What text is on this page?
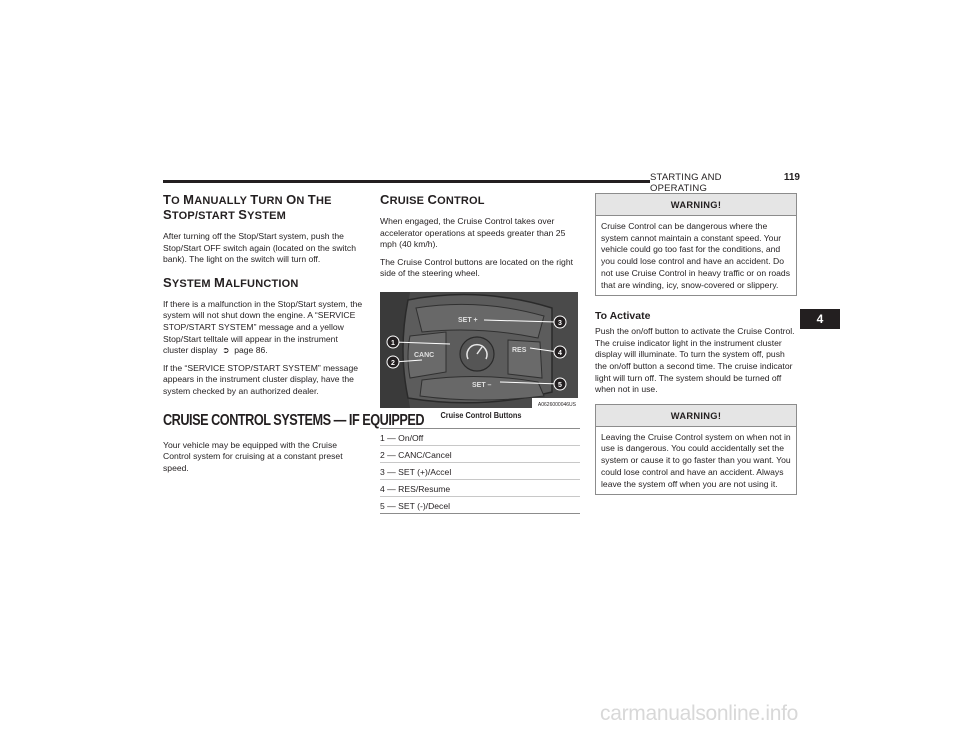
STARTING AND OPERATING
119
TO MANUALLY TURN ON THE STOP/START SYSTEM

After turning off the Stop/Start system, push the Stop/Start OFF switch again (located on the switch bank). The light on the switch will turn off.

SYSTEM MALFUNCTION

If there is a malfunction in the Stop/Start system, the system will not shut down the engine. A “SERVICE STOP/START SYSTEM” message and a yellow Stop/Start telltale will appear in the instrument cluster display  ➲  page 86.

If the “SERVICE STOP/START SYSTEM” message appears in the instrument cluster display, have the system checked by an authorized dealer.

CRUISE CONTROL SYSTEMS — IF EQUIPPED

Your vehicle may be equipped with the Cruise Control system for cruising at a constant preset speed.

CRUISE CONTROL

When engaged, the Cruise Control takes over accelerator operations at speeds greater than 25 mph (40 km/h).

The Cruise Control buttons are located on the right side of the steering wheel.

SET +
CANC
RES
SET –
1
2
3
4
5
A0626000046US
Cruise Control Buttons
1 — On/Off
2 — CANC/Cancel
3 — SET (+)/Accel
4 — RES/Resume
5 — SET (-)/Decel
WARNING!
Cruise Control can be dangerous where the system cannot maintain a constant speed. Your vehicle could go too fast for the conditions, and you could lose control and have an accident. Do not use Cruise Control in heavy traffic or on roads that are winding, icy, snow-covered or slippery.
To Activate

Push the on/off button to activate the Cruise Control. The cruise indicator light in the instrument cluster display will illuminate. To turn the system off, push the on/off button a second time. The cruise indicator light will turn off. The system should be turned off when not in use.

WARNING!
Leaving the Cruise Control system on when not in use is dangerous. You could accidentally set the system or cause it to go faster than you want. You could lose control and have an accident. Always leave the system off when you are not using it.
4
carmanualsonline.info
